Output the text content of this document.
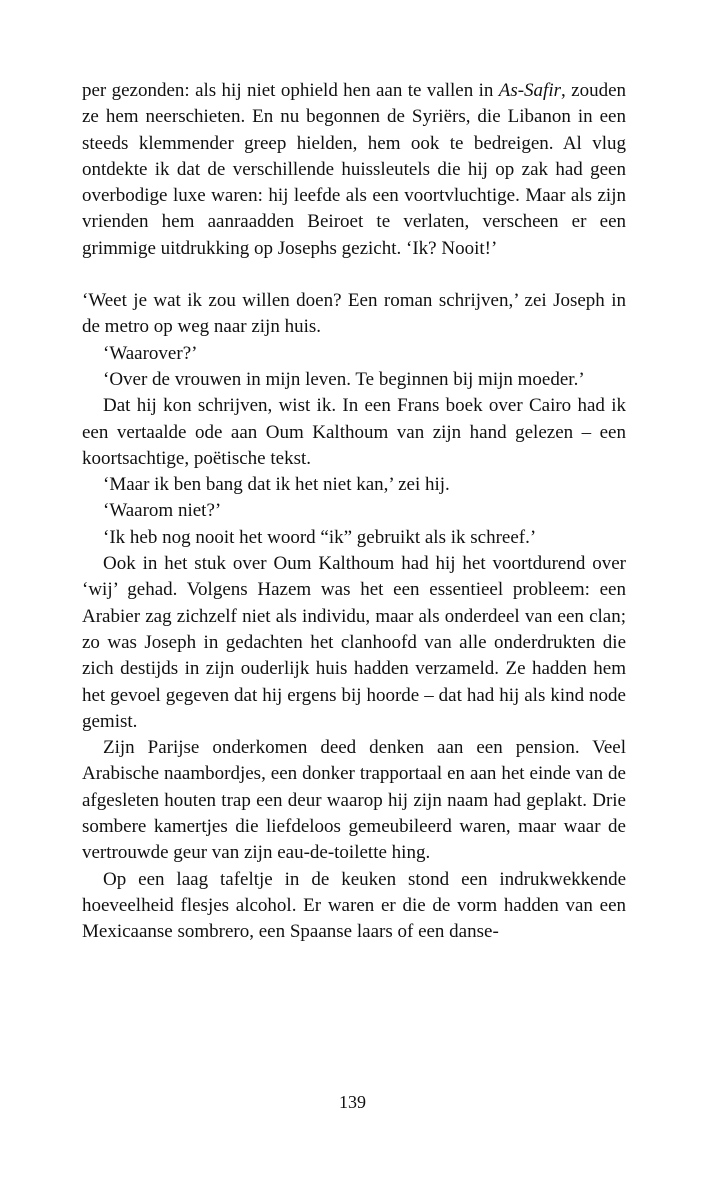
per gezonden: als hij niet ophield hen aan te vallen in As-Safir, zouden ze hem neerschieten. En nu begonnen de Syriërs, die Libanon in een steeds klemmender greep hielden, hem ook te bedreigen. Al vlug ontdekte ik dat de verschillende huissleutels die hij op zak had geen overbodige luxe waren: hij leefde als een voortvluchtige. Maar als zijn vrienden hem aanraadden Beiroet te verlaten, verscheen er een grimmige uitdrukking op Josephs gezicht. ‘Ik? Nooit!’

‘Weet je wat ik zou willen doen? Een roman schrijven,’ zei Joseph in de metro op weg naar zijn huis.

‘Waarover?’

‘Over de vrouwen in mijn leven. Te beginnen bij mijn moeder.’

Dat hij kon schrijven, wist ik. In een Frans boek over Cairo had ik een vertaalde ode aan Oum Kalthoum van zijn hand gelezen – een koortsachtige, poëtische tekst.

‘Maar ik ben bang dat ik het niet kan,’ zei hij.

‘Waarom niet?’

‘Ik heb nog nooit het woord “ik” gebruikt als ik schreef.’

Ook in het stuk over Oum Kalthoum had hij het voortdurend over ‘wij’ gehad. Volgens Hazem was het een essentieel probleem: een Arabier zag zichzelf niet als individu, maar als onderdeel van een clan; zo was Joseph in gedachten het clanhoofd van alle onderdrukten die zich destijds in zijn ouderlijk huis hadden verzameld. Ze hadden hem het gevoel gegeven dat hij ergens bij hoorde – dat had hij als kind node gemist.

Zijn Parijse onderkomen deed denken aan een pension. Veel Arabische naambordjes, een donker trapportaal en aan het einde van de afgesleten houten trap een deur waarop hij zijn naam had geplakt. Drie sombere kamertjes die liefdeloos gemeubileerd waren, maar waar de vertrouwde geur van zijn eau-de-toilette hing.

Op een laag tafeltje in de keuken stond een indrukwekkende hoeveelheid flesjes alcohol. Er waren er die de vorm hadden van een Mexicaanse sombrero, een Spaanse laars of een danse-

139
